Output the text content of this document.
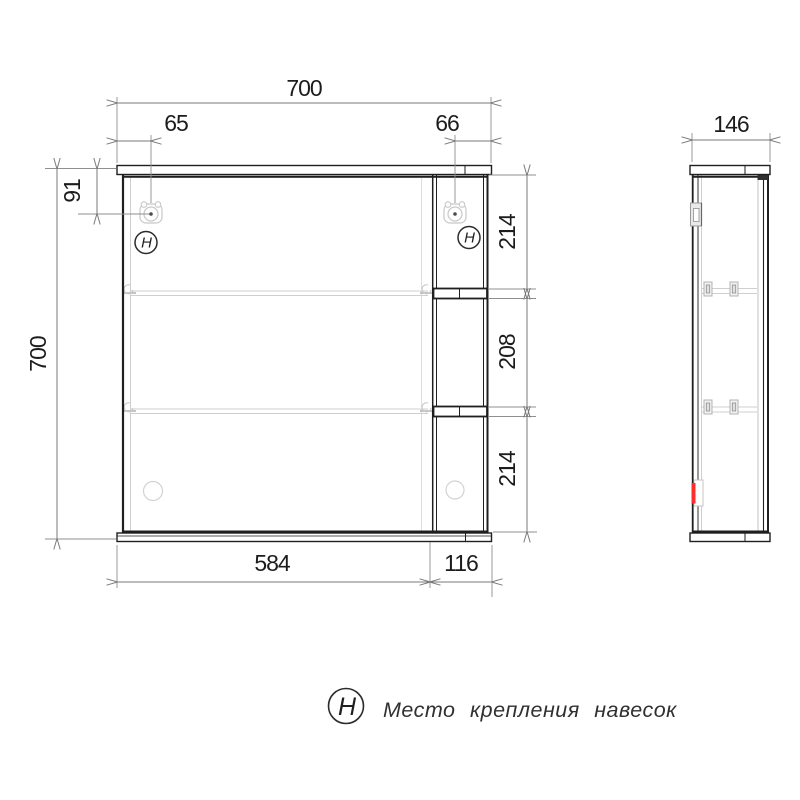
H	H
700
65	66
91
700
214
208
214
584	116
146
H Место крепления навесок
